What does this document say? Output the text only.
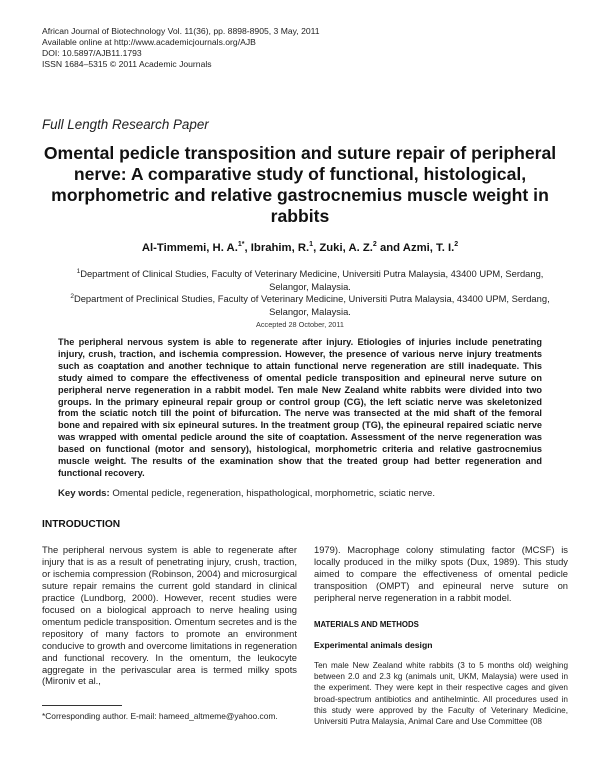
African Journal of Biotechnology Vol. 11(36), pp. 8898-8905, 3 May, 2011
Available online at http://www.academicjournals.org/AJB
DOI: 10.5897/AJB11.1793
ISSN 1684–5315 © 2011 Academic Journals
Full Length Research Paper
Omental pedicle transposition and suture repair of peripheral nerve: A comparative study of functional, histological, morphometric and relative gastrocnemius muscle weight in rabbits
Al-Timmemi, H. A.$^{1*}$, Ibrahim, R.$^1$, Zuki, A. Z.$^2$ and Azmi, T. I.$^2$
$^1$Department of Clinical Studies, Faculty of Veterinary Medicine, Universiti Putra Malaysia, 43400 UPM, Serdang, Selangor, Malaysia.
$^2$Department of Preclinical Studies, Faculty of Veterinary Medicine, Universiti Putra Malaysia, 43400 UPM, Serdang, Selangor, Malaysia.
Accepted 28 October, 2011
The peripheral nervous system is able to regenerate after injury. Etiologies of injuries include penetrating injury, crush, traction, and ischemia compression. However, the presence of various nerve injury treatments such as coaptation and another technique to attain functional nerve regeneration are still inadequate. This study aimed to compare the effectiveness of omental pedicle transposition and epineural nerve suture on peripheral nerve regeneration in a rabbit model. Ten male New Zealand white rabbits were divided into two groups. In the primary epineural repair group or control group (CG), the left sciatic nerve was skeletonized from the sciatic notch till the point of bifurcation. The nerve was transected at the mid shaft of the femoral bone and repaired with six epineural sutures. In the treatment group (TG), the epineural repaired sciatic nerve was wrapped with omental pedicle around the site of coaptation. Assessment of the nerve regeneration was based on functional (motor and sensory), histological, morphometric criteria and relative gastrocnemius muscle weight. The results of the examination show that the treated group had better regeneration and functional recovery.
Key words: Omental pedicle, regeneration, hispathological, morphometric, sciatic nerve.
INTRODUCTION
The peripheral nervous system is able to regenerate after injury that is as a result of penetrating injury, crush, traction, or ischemia compression (Robinson, 2004) and microsurgical suture repair remains the current gold standard in clinical practice (Lundborg, 2000). However, recent studies were focused on a biological approach to nerve healing using omentum pedicle transposition. Omentum secretes and is the repository of many factors to promote an environment conducive to growth and overcome limitations in regeneration and functional recovery. In the omentum, the leukocyte aggregate in the perivascular area is termed milky spots (Mironiv et al.,
1979). Macrophage colony stimulating factor (MCSF) is locally produced in the milky spots (Dux, 1989). This study aimed to compare the effectiveness of omental pedicle transposition (OMPT) and epineural nerve suture on peripheral nerve regeneration in a rabbit model.
MATERIALS AND METHODS
Experimental animals design
Ten male New Zealand white rabbits (3 to 5 months old) weighing between 2.0 and 2.3 kg (animals unit, UKM, Malaysia) were used in the experiment. They were kept in their respective cages and given broad-spectrum antibiotics and antihelmintic. All procedures used in this study were approved by the Faculty of Veterinary Medicine, Universiti Putra Malaysia, Animal Care and Use Committee (08
*Corresponding author. E-mail: hameed_altmeme@yahoo.com.
